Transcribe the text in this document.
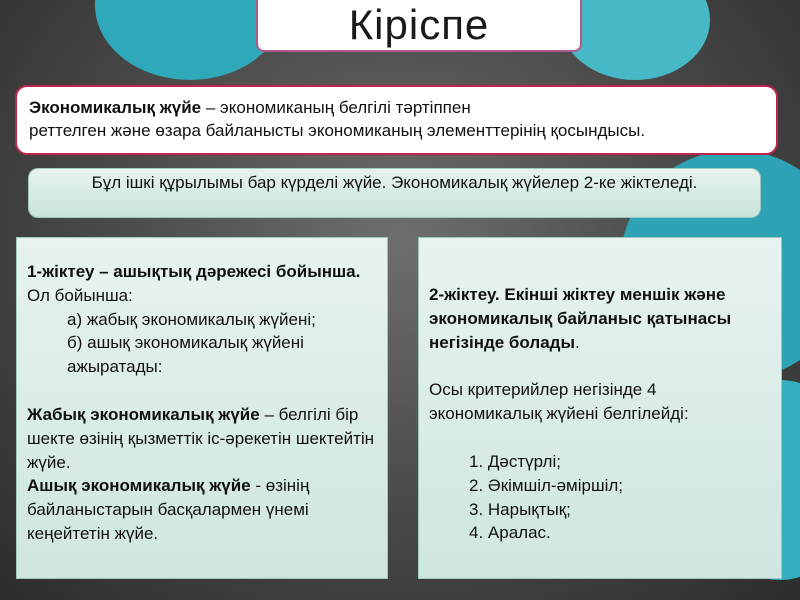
Кіріспе
Экономикалық жүйе – экономиканың белгілі тәртіппен
реттелген және өзара байланысты экономиканың элементтерінің қосындысы.
Бұл ішкі құрылымы бар күрделі жүйе. Экономикалық жүйелер 2-ке жіктеледі.
1-жіктеу – ашықтық дәрежесі бойынша.
Ол бойынша:
а) жабық экономикалық жүйені;
б) ашық экономикалық жүйені ажыратады:
Жабық экономикалық жүйе – белгілі бір шекте өзінің қызметтік іс-әрекетін шектейтін жүйе.
Ашық экономикалық жүйе - өзінің байланыстарын басқалармен үнемі кеңейтетін жүйе.
2-жіктеу. Екінші жіктеу меншік және экономикалық байланыс қатынасы негізінде болады.
Осы критерийлер негізінде 4 экономикалық жүйені белгілейді:
1. Дәстүрлі;
2. Әкімшіл-әміршіл;
3. Нарықтық;
4. Аралас.
